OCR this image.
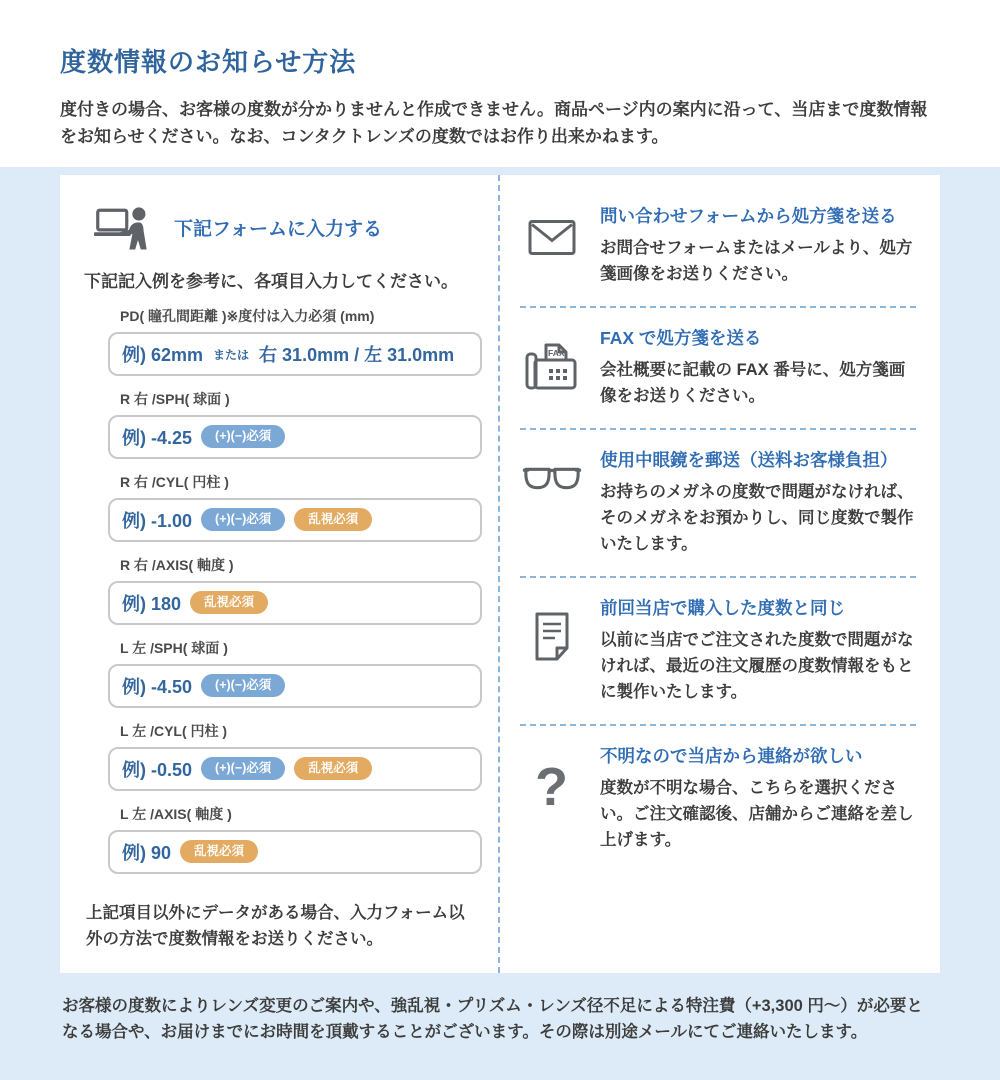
度数情報のお知らせ方法

度付きの場合、お客様の度数が分かりませんと作成できません。商品ページ内の案内に沿って、当店まで度数情報をお知らせください。なお、コンタクトレンズの度数ではお作り出来かねます。

下記フォームに入力する

下記記入例を参考に、各項目入力してください。

PD( 瞳孔間距離 )※度付は入力必須 (mm)
例) 62mm または 右 31.0mm / 左 31.0mm
R 右 /SPH( 球面 )
例) -4.25	(+)(−)必須
R 右 /CYL( 円柱 )
例) -1.00	(+)(−)必須	乱視必須
R 右 /AXIS( 軸度 )
例) 180	乱視必須
L 左 /SPH( 球面 )
例) -4.50	(+)(−)必須
L 左 /CYL( 円柱 )
例) -0.50	(+)(−)必須	乱視必須
L 左 /AXIS( 軸度 )
例) 90	乱視必須

上記項目以外にデータがある場合、入力フォーム以外の方法で度数情報をお送りください。

問い合わせフォームから処方箋を送る

お問合せフォームまたはメールより、処方箋画像をお送りください。

FAX
FAX で処方箋を送る

会社概要に記載の FAX 番号に、処方箋画像をお送りください。

使用中眼鏡を郵送（送料お客様負担）

お持ちのメガネの度数で問題がなければ、そのメガネをお預かりし、同じ度数で製作いたします。

前回当店で購入した度数と同じ

以前に当店でご注文された度数で問題がなければ、最近の注文履歴の度数情報をもとに製作いたします。

?
不明なので当店から連絡が欲しい

度数が不明な場合、こちらを選択ください。ご注文確認後、店舗からご連絡を差し上げます。

お客様の度数によりレンズ変更のご案内や、強乱視・プリズム・レンズ径不足による特注費（+3,300 円〜）が必要となる場合や、お届けまでにお時間を頂戴することがございます。その際は別途メールにてご連絡いたします。
